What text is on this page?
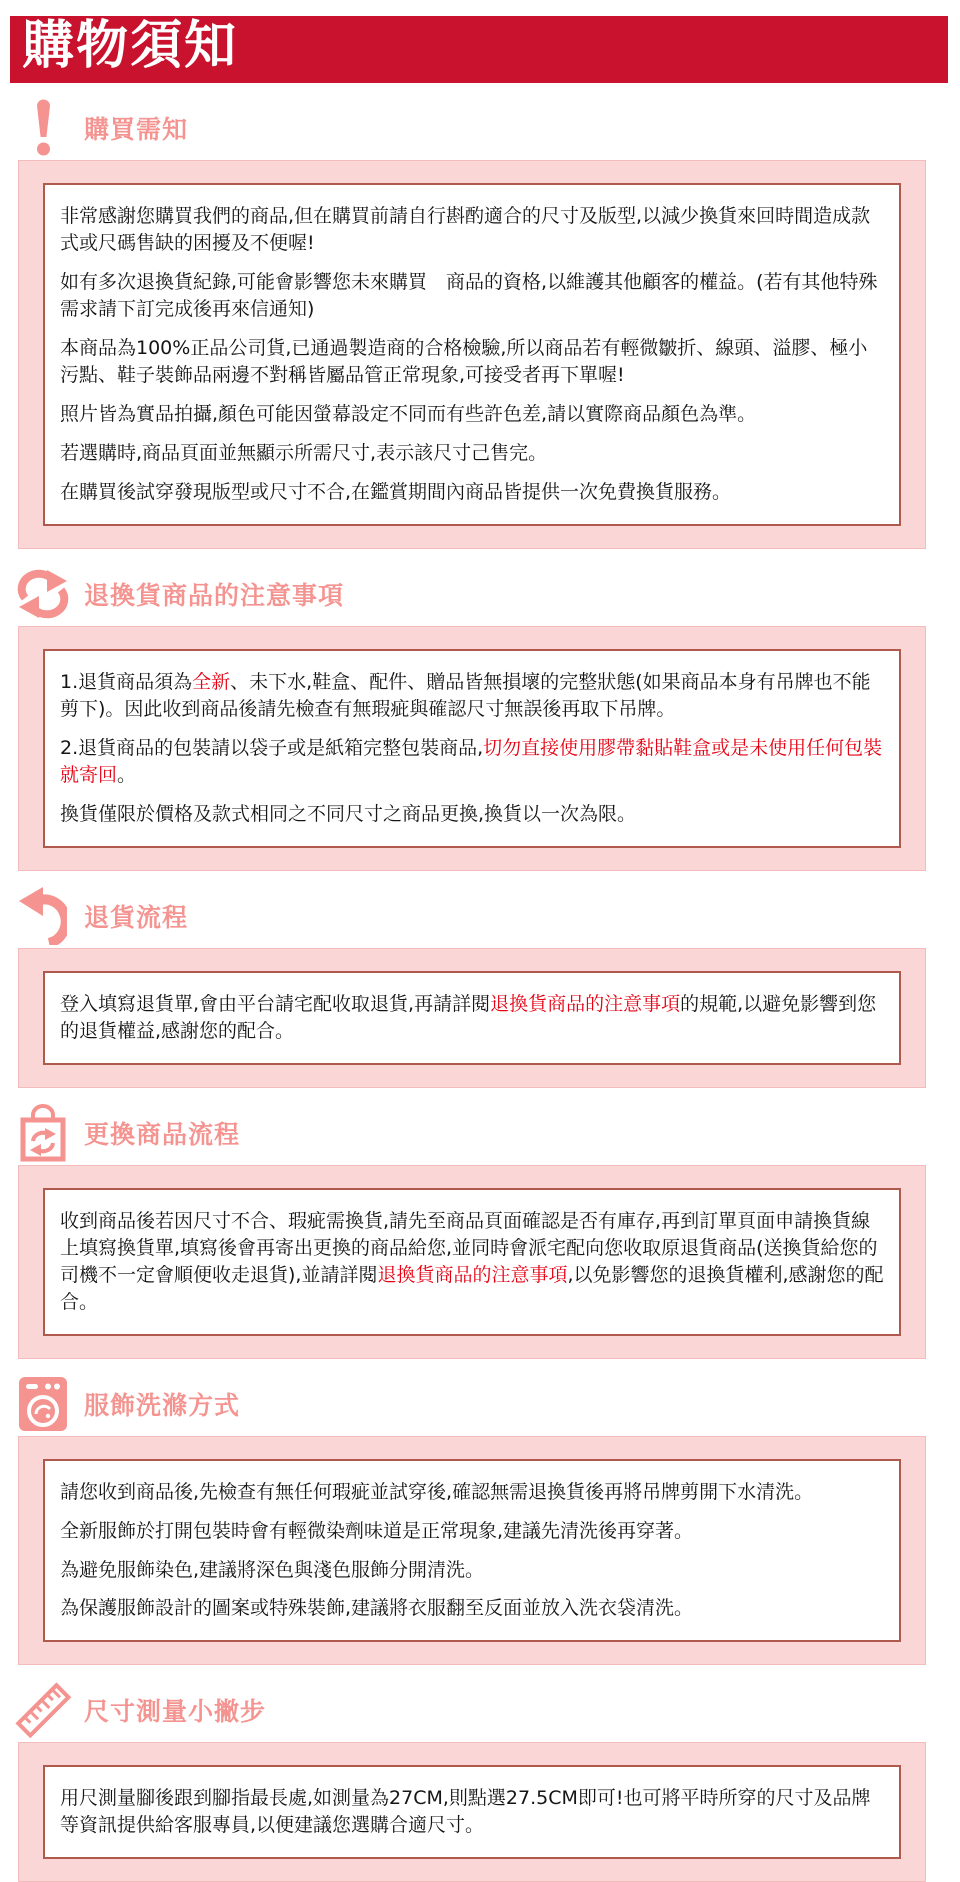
購物須知
購買需知

非常感謝您購買我們的商品,但在購買前請自行斟酌適合的尺寸及版型,以減少換貨來回時間造成款式或尺碼售缺的困擾及不便喔!

如有多次退換貨紀錄,可能會影響您未來購買　商品的資格,以維護其他顧客的權益。(若有其他特殊需求請下訂完成後再來信通知)

本商品為100%正品公司貨,已通過製造商的合格檢驗,所以商品若有輕微皺折、線頭、溢膠、極小污點、鞋子裝飾品兩邊不對稱皆屬品管正常現象,可接受者再下單喔!

照片皆為實品拍攝,顏色可能因螢幕設定不同而有些許色差,請以實際商品顏色為準。

若選購時,商品頁面並無顯示所需尺寸,表示該尺寸己售完。

在購買後試穿發現版型或尺寸不合,在鑑賞期間內商品皆提供一次免費換貨服務。

退換貨商品的注意事項

1.退貨商品須為全新、未下水,鞋盒、配件、贈品皆無損壞的完整狀態(如果商品本身有吊牌也不能剪下)。因此收到商品後請先檢查有無瑕疵與確認尺寸無誤後再取下吊牌。

2.退貨商品的包裝請以袋子或是紙箱完整包裝商品,切勿直接使用膠帶黏貼鞋盒或是未使用任何包裝就寄回。

換貨僅限於價格及款式相同之不同尺寸之商品更換,換貨以一次為限。

退貨流程

登入填寫退貨單,會由平台請宅配收取退貨,再請詳閱退換貨商品的注意事項的規範,以避免影響到您的退貨權益,感謝您的配合。

更換商品流程

收到商品後若因尺寸不合、瑕疵需換貨,請先至商品頁面確認是否有庫存,再到訂單頁面申請換貨線上填寫換貨單,填寫後會再寄出更換的商品給您,並同時會派宅配向您收取原退貨商品(送換貨給您的司機不一定會順便收走退貨),並請詳閱退換貨商品的注意事項,以免影響您的退換貨權利,感謝您的配合。

服飾洗滌方式

請您收到商品後,先檢查有無任何瑕疵並試穿後,確認無需退換貨後再將吊牌剪開下水清洗。

全新服飾於打開包裝時會有輕微染劑味道是正常現象,建議先清洗後再穿著。

為避免服飾染色,建議將深色與淺色服飾分開清洗。

為保護服飾設計的圖案或特殊裝飾,建議將衣服翻至反面並放入洗衣袋清洗。

尺寸測量小撇步

用尺測量腳後跟到腳指最長處,如測量為27CM,則點選27.5CM即可!也可將平時所穿的尺寸及品牌等資訊提供給客服專員,以便建議您選購合適尺寸。
